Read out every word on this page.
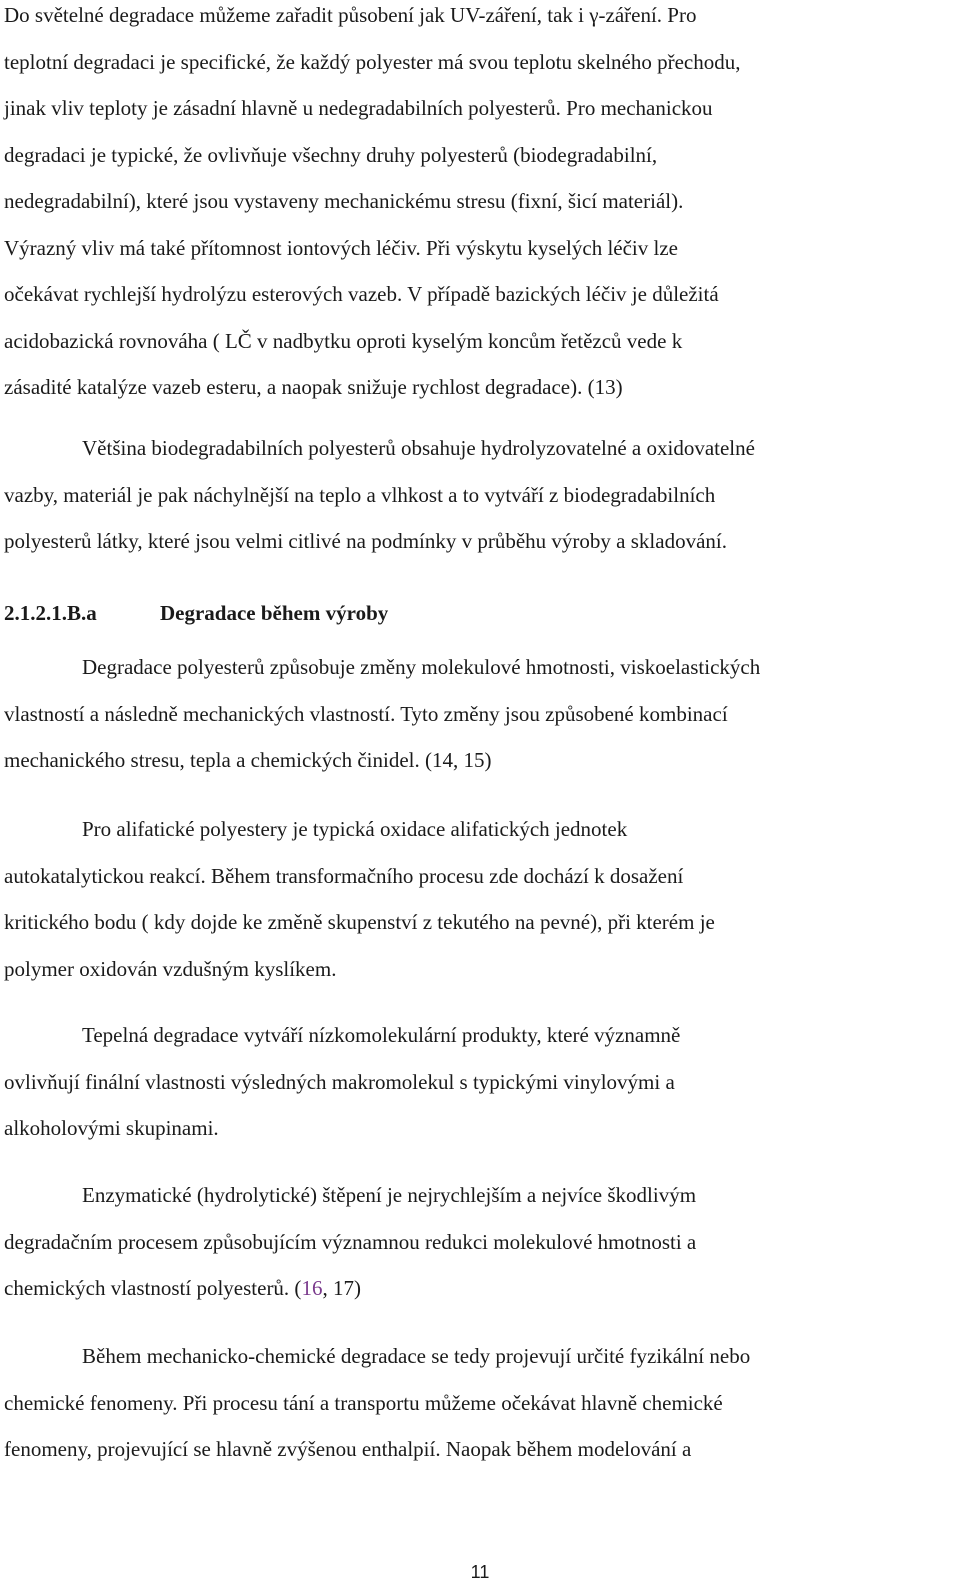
Do světelné degradace můžeme zařadit působení jak UV-záření, tak i γ-záření. Pro
teplotní degradaci je specifické, že každý polyester má svou teplotu skelného přechodu,
jinak vliv teploty je zásadní hlavně u nedegradabilních polyesterů. Pro mechanickou
degradaci je typické, že ovlivňuje všechny druhy polyesterů (biodegradabilní,
nedegradabilní), které jsou vystaveny mechanickému stresu (fixní, šicí materiál).
Výrazný vliv má také přítomnost iontových léčiv. Při výskytu kyselých léčiv lze
očekávat rychlejší hydrolýzu esterových vazeb. V případě bazických léčiv je důležitá
acidobazická rovnováha ( LČ v nadbytku oproti kyselým koncům řetězců vede k
zásadité katalýze vazeb esteru, a naopak snižuje rychlost degradace). (13)
Většina biodegradabilních polyesterů obsahuje hydrolyzovatelné a oxidovatelné
vazby, materiál je pak náchylnější na teplo a vlhkost a to vytváří z biodegradabilních
polyesterů látky, které jsou velmi citlivé na podmínky v průběhu výroby a skladování.
2.1.2.1.B.a	Degradace během výroby
Degradace polyesterů způsobuje změny molekulové hmotnosti, viskoelastických
vlastností a následně mechanických vlastností. Tyto změny jsou způsobené kombinací
mechanického stresu, tepla a chemických činidel. (14, 15)
Pro alifatické polyestery je typická oxidace alifatických jednotek
autokatalytickou reakcí. Během transformačního procesu zde dochází k dosažení
kritického bodu ( kdy dojde ke změně skupenství z tekutého na pevné), při kterém je
polymer oxidován vzdušným kyslíkem.
Tepelná degradace vytváří nízkomolekulární produkty, které významně
ovlivňují finální vlastnosti výsledných makromolekul s typickými vinylovými a
alkoholovými skupinami.
Enzymatické (hydrolytické) štěpení je nejrychlejším a nejvíce škodlivým
degradačním procesem způsobujícím významnou redukci molekulové hmotnosti a
chemických vlastností polyesterů. (16, 17)
Během mechanicko-chemické degradace se tedy projevují určité fyzikální nebo
chemické fenomeny. Při procesu tání a transportu můžeme očekávat hlavně chemické
fenomeny, projevující se hlavně zvýšenou enthalpií. Naopak během modelování a
11
